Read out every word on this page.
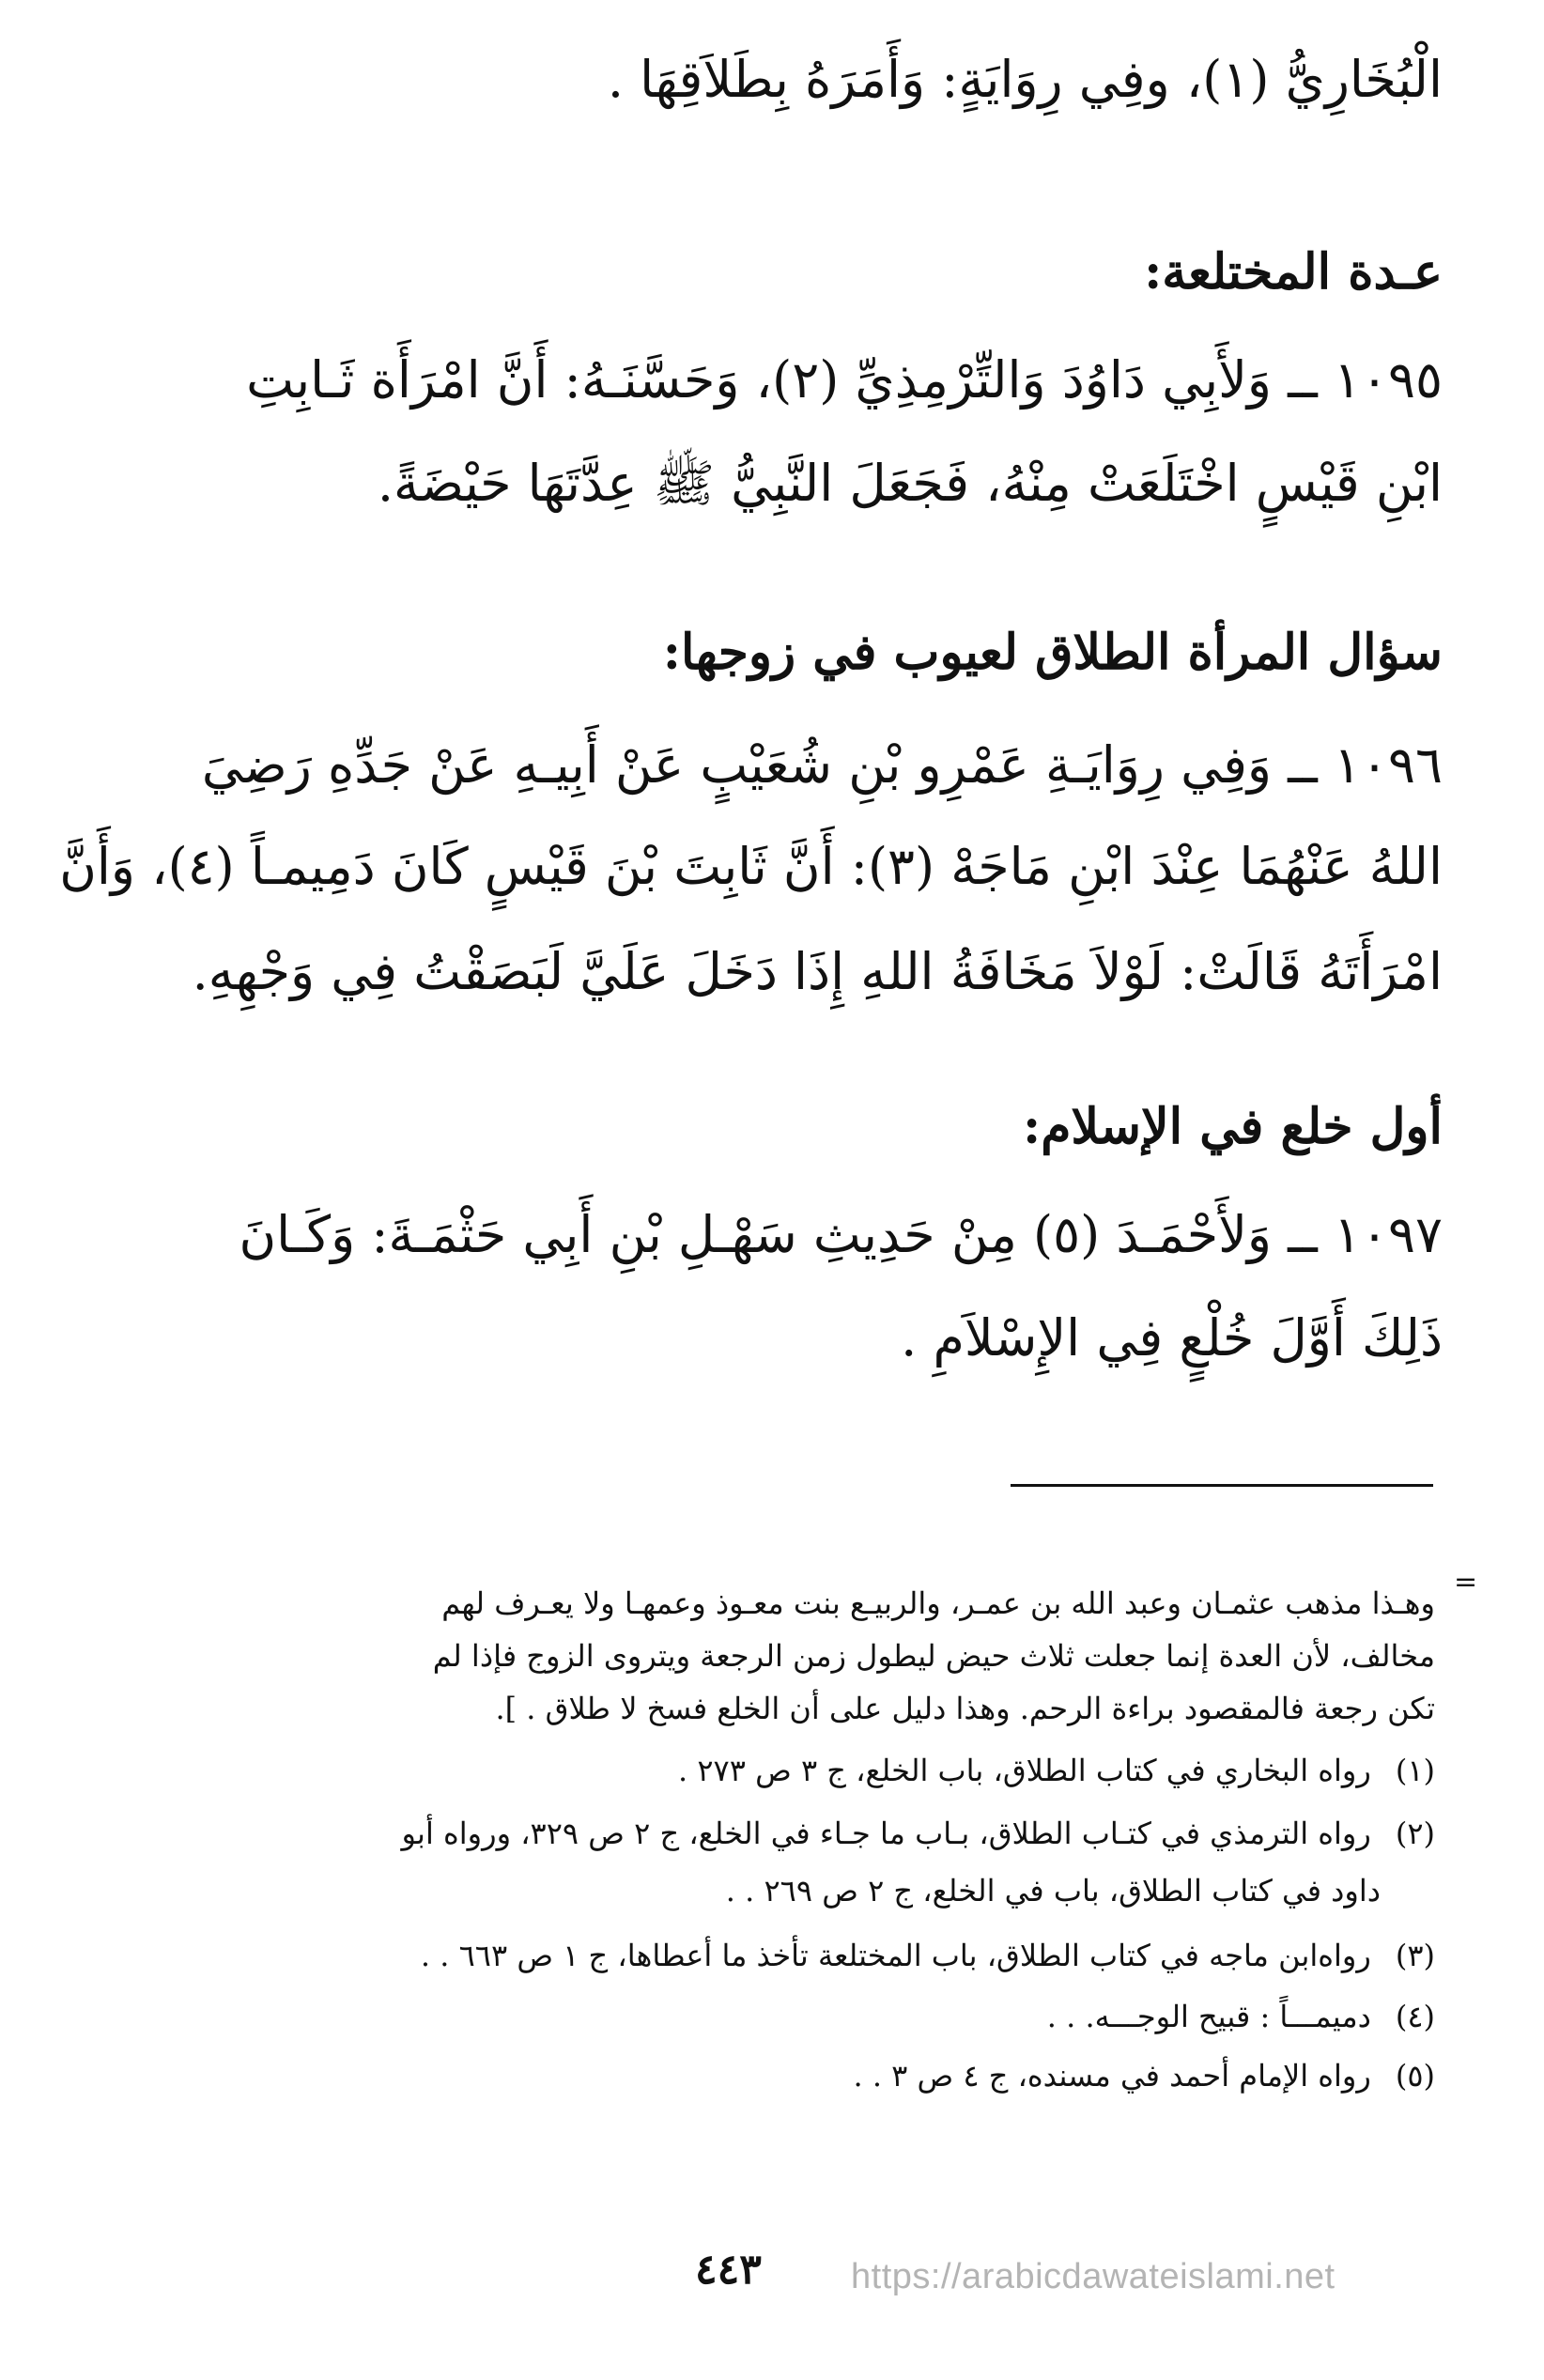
الْبُخَارِيُّ (١)، وفِي رِوَايَةٍ: وَأَمَرَهُ بِطَلاَقِهَا .

عـدة المختلعة:

١٠٩٥ ــ وَلأَبِي دَاوُدَ وَالتِّرْمِذِيِّ (٢)، وَحَسَّنَـهُ: أَنَّ امْرَأَة ثَـابِتِ

ابْنِ قَيْسٍ اخْتَلَعَتْ مِنْهُ، فَجَعَلَ النَّبِيُّ ﷺ عِدَّتَهَا حَيْضَةً.

سؤال المرأة الطلاق لعيوب في زوجها:

١٠٩٦ ــ وَفِي رِوَايَـةِ عَمْرِو بْنِ شُعَيْبٍ عَنْ أَبِيـهِ عَنْ جَدِّهِ رَضِيَ

اللهُ عَنْهُمَا عِنْدَ ابْنِ مَاجَهْ (٣): أَنَّ ثَابِتَ بْنَ قَيْسٍ كَانَ دَمِيمـاً (٤)، وَأَنَّ

امْرَأَتَهُ قَالَتْ: لَوْلاَ مَخَافَةُ اللهِ إِذَا دَخَلَ عَلَيَّ لَبَصَقْتُ فِي وَجْهِهِ.

أول خلع في الإسلام:

١٠٩٧ ــ وَلأَحْمَـدَ (٥) مِنْ حَدِيثِ سَهْـلِ بْنِ أَبِي حَثْمَـةَ: وَكَـانَ

ذَلِكَ أَوَّلَ خُلْعٍ فِي الإِسْلاَمِ .

=

وهـذا مذهب عثمـان وعبد الله بن عمـر، والربيـع بنت معـوذ وعمهـا ولا يعـرف لهم

مخالف، لأن العدة إنما جعلت ثلاث حيض ليطول زمن الرجعة ويتروى الزوج فإذا لم

تكن رجعة فالمقصود براءة الرحم. وهذا دليل على أن الخلع فسخ لا طلاق . ].

(١) رواه البخاري في كتاب الطلاق، باب الخلع، ج ٣ ص ٢٧٣ .

(٢) رواه الترمذي في كتـاب الطلاق، بـاب ما جـاء في الخلع، ج ٢ ص ٣٢٩، ورواه أبو

داود في كتاب الطلاق، باب في الخلع، ج ٢ ص ٢٦٩ . .

(٣) رواه‌ابن ماجه في كتاب الطلاق، باب المختلعة تأخذ ما أعطاها، ج ١ ص ٦٦٣ . .

(٤) دميمـــاً : قبيح الوجـــه. . .

(٥) رواه الإمام أحمد في مسنده، ج ٤ ص ٣ . .

٤٤٣	https://arabicdawateislami.net
